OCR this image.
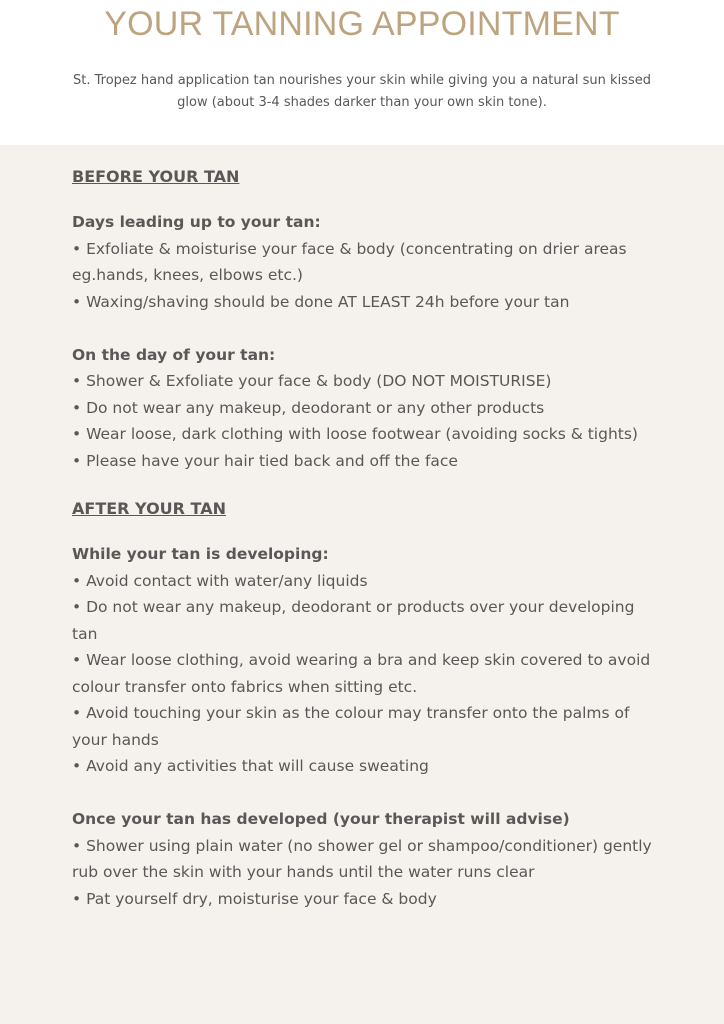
YOUR TANNING APPOINTMENT

St. Tropez hand application tan nourishes your skin while giving you a natural sun kissed glow (about 3-4 shades darker than your own skin tone).

BEFORE YOUR TAN
Days leading up to your tan:
• Exfoliate & moisturise your face & body (concentrating on drier areas eg.hands, knees, elbows etc.)
• Waxing/shaving should be done AT LEAST 24h before your tan
On the day of your tan:
• Shower & Exfoliate your face & body (DO NOT MOISTURISE)
• Do not wear any makeup, deodorant or any other products
• Wear loose, dark clothing with loose footwear (avoiding socks & tights)
• Please have your hair tied back and off the face
AFTER YOUR TAN
While your tan is developing:
• Avoid contact with water/any liquids
• Do not wear any makeup, deodorant or products over your developing tan
• Wear loose clothing, avoid wearing a bra and keep skin covered to avoid colour transfer onto fabrics when sitting etc.
• Avoid touching your skin as the colour may transfer onto the palms of your hands
• Avoid any activities that will cause sweating
Once your tan has developed (your therapist will advise)
• Shower using plain water (no shower gel or shampoo/conditioner) gently rub over the skin with your hands until the water runs clear
• Pat yourself dry, moisturise your face & body
